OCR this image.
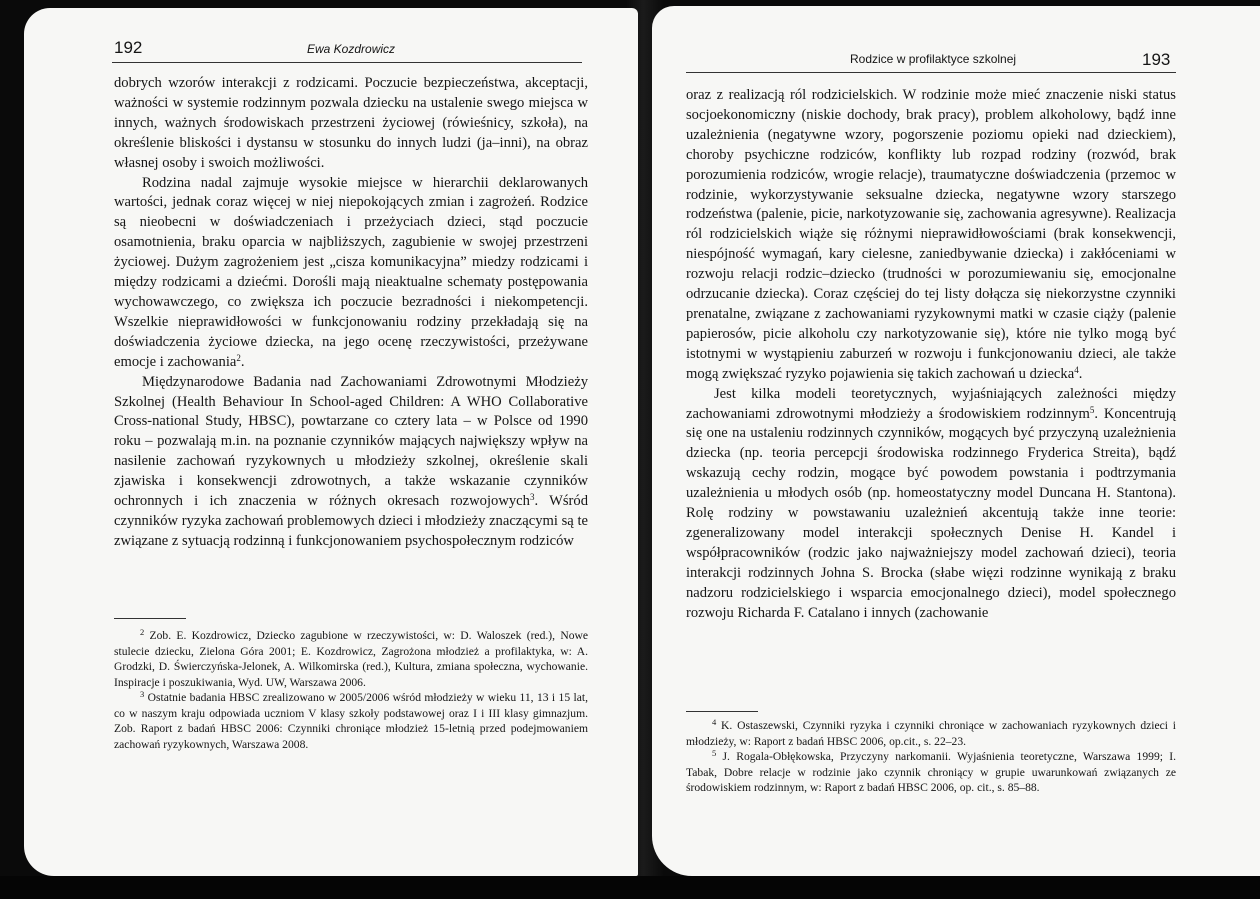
192	Ewa Kozdrowicz

dobrych wzorów interakcji z rodzicami. Poczucie bezpieczeństwa, akceptacji, ważności w systemie rodzinnym pozwala dziecku na ustalenie swego miejsca w innych, ważnych środowiskach przestrzeni życiowej (rówieśnicy, szkoła), na określenie bliskości i dystansu w stosunku do innych ludzi (ja–inni), na obraz własnej osoby i swoich możliwości.

Rodzina nadal zajmuje wysokie miejsce w hierarchii deklarowanych wartości, jednak coraz więcej w niej niepokojących zmian i zagrożeń. Rodzice są nieobecni w doświadczeniach i przeżyciach dzieci, stąd poczucie osamotnienia, braku oparcia w najbliższych, zagubienie w swojej przestrzeni życiowej. Dużym zagrożeniem jest „cisza komunikacyjna” miedzy rodzicami i między rodzicami a dziećmi. Dorośli mają nieaktualne schematy postępowania wychowawczego, co zwiększa ich poczucie bezradności i niekompetencji. Wszelkie nieprawidłowości w funkcjonowaniu rodziny przekładają się na doświadczenia życiowe dziecka, na jego ocenę rzeczywistości, przeżywane emocje i zachowania$^2$.

Międzynarodowe Badania nad Zachowaniami Zdrowotnymi Młodzieży Szkolnej (Health Behaviour In School-aged Children: A WHO Collaborative Cross-national Study, HBSC), powtarzane co cztery lata – w Polsce od 1990 roku – pozwalają m.in. na poznanie czynników mających największy wpływ na nasilenie zachowań ryzykownych u młodzieży szkolnej, określenie skali zjawiska i konsekwencji zdrowotnych, a także wskazanie czynników ochronnych i ich znaczenia w różnych okresach rozwojowych$^3$. Wśród czynników ryzyka zachowań problemowych dzieci i młodzieży znaczącymi są te związane z sytuacją rodzinną i funkcjonowaniem psychospołecznym rodziców

$^2$ Zob. E. Kozdrowicz, Dziecko zagubione w rzeczywistości, w: D. Waloszek (red.), Nowe stulecie dziecku, Zielona Góra 2001; E. Kozdrowicz, Zagrożona młodzież a profilaktyka, w: A. Grodzki, D. Świerczyńska-Jelonek, A. Wilkomirska (red.), Kultura, zmiana społeczna, wychowanie. Inspiracje i poszukiwania, Wyd. UW, Warszawa 2006.

$^3$ Ostatnie badania HBSC zrealizowano w 2005/2006 wśród młodzieży w wieku 11, 13 i 15 lat, co w naszym kraju odpowiada uczniom V klasy szkoły podstawowej oraz I i III klasy gimnazjum. Zob. Raport z badań HBSC 2006: Czynniki chroniące młodzież 15-letnią przed podejmowaniem zachowań ryzykownych, Warszawa 2008.

Rodzice w profilaktyce szkolnej	193

oraz z realizacją ról rodzicielskich. W rodzinie może mieć znaczenie niski status socjoekonomiczny (niskie dochody, brak pracy), problem alkoholowy, bądź inne uzależnienia (negatywne wzory, pogorszenie poziomu opieki nad dzieckiem), choroby psychiczne rodziców, konflikty lub rozpad rodziny (rozwód, brak porozumienia rodziców, wrogie relacje), traumatyczne doświadczenia (przemoc w rodzinie, wykorzystywanie seksualne dziecka, negatywne wzory starszego rodzeństwa (palenie, picie, narkotyzowanie się, zachowania agresywne). Realizacja ról rodzicielskich wiąże się różnymi nieprawidłowościami (brak konsekwencji, niespójność wymagań, kary cielesne, zaniedbywanie dziecka) i zakłóceniami w rozwoju relacji rodzic–dziecko (trudności w porozumiewaniu się, emocjonalne odrzucanie dziecka). Coraz częściej do tej listy dołącza się niekorzystne czynniki prenatalne, związane z zachowaniami ryzykownymi matki w czasie ciąży (palenie papierosów, picie alkoholu czy narkotyzowanie się), które nie tylko mogą być istotnymi w wystąpieniu zaburzeń w rozwoju i funkcjonowaniu dzieci, ale także mogą zwiększać ryzyko pojawienia się takich zachowań u dziecka$^4$.

Jest kilka modeli teoretycznych, wyjaśniających zależności między zachowaniami zdrowotnymi młodzieży a środowiskiem rodzinnym$^5$. Koncentrują się one na ustaleniu rodzinnych czynników, mogących być przyczyną uzależnienia dziecka (np. teoria percepcji środowiska rodzinnego Fryderica Streita), bądź wskazują cechy rodzin, mogące być powodem powstania i podtrzymania uzależnienia u młodych osób (np. homeostatyczny model Duncana H. Stantona). Rolę rodziny w powstawaniu uzależnień akcentują także inne teorie: zgeneralizowany model interakcji społecznych Denise H. Kandel i współpracowników (rodzic jako najważniejszy model zachowań dzieci), teoria interakcji rodzinnych Johna S. Brocka (słabe więzi rodzinne wynikają z braku nadzoru rodzicielskiego i wsparcia emocjonalnego dzieci), model społecznego rozwoju Richarda F. Catalano i innych (zachowanie

$^4$ K. Ostaszewski, Czynniki ryzyka i czynniki chroniące w zachowaniach ryzykownych dzieci i młodzieży, w: Raport z badań HBSC 2006, op.cit., s. 22–23.

$^5$ J. Rogala-Obłękowska, Przyczyny narkomanii. Wyjaśnienia teoretyczne, Warszawa 1999; I. Tabak, Dobre relacje w rodzinie jako czynnik chroniący w grupie uwarunkowań związanych ze środowiskiem rodzinnym, w: Raport z badań HBSC 2006, op. cit., s. 85–88.
